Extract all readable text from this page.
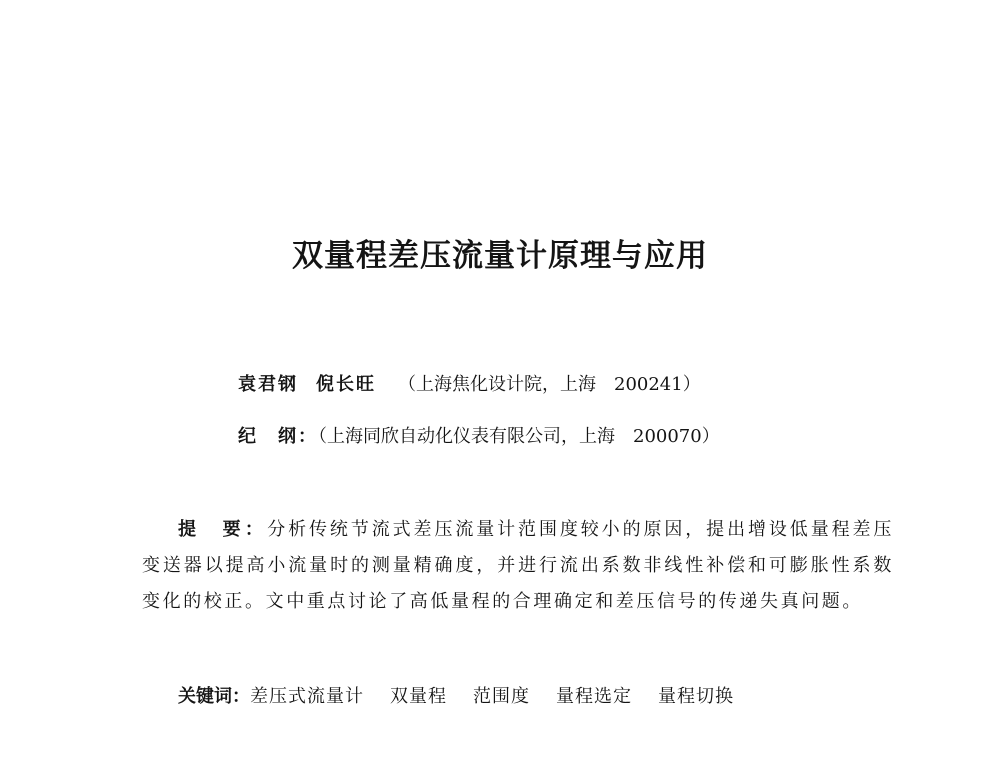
双量程差压流量计原理与应用
袁君钢 倪长旺 （上海焦化设计院，上海　200241）
纪　纲：（上海同欣自动化仪表有限公司，上海　200070）
提　要：分析传统节流式差压流量计范围度较小的原因，提出增设低量程差压变送器以提高小流量时的测量精确度，并进行流出系数非线性补偿和可膨胀性系数变化的校正。文中重点讨论了高低量程的合理确定和差压信号的传递失真问题。
关键词：差压式流量计 双量程 范围度 量程选定 量程切换
